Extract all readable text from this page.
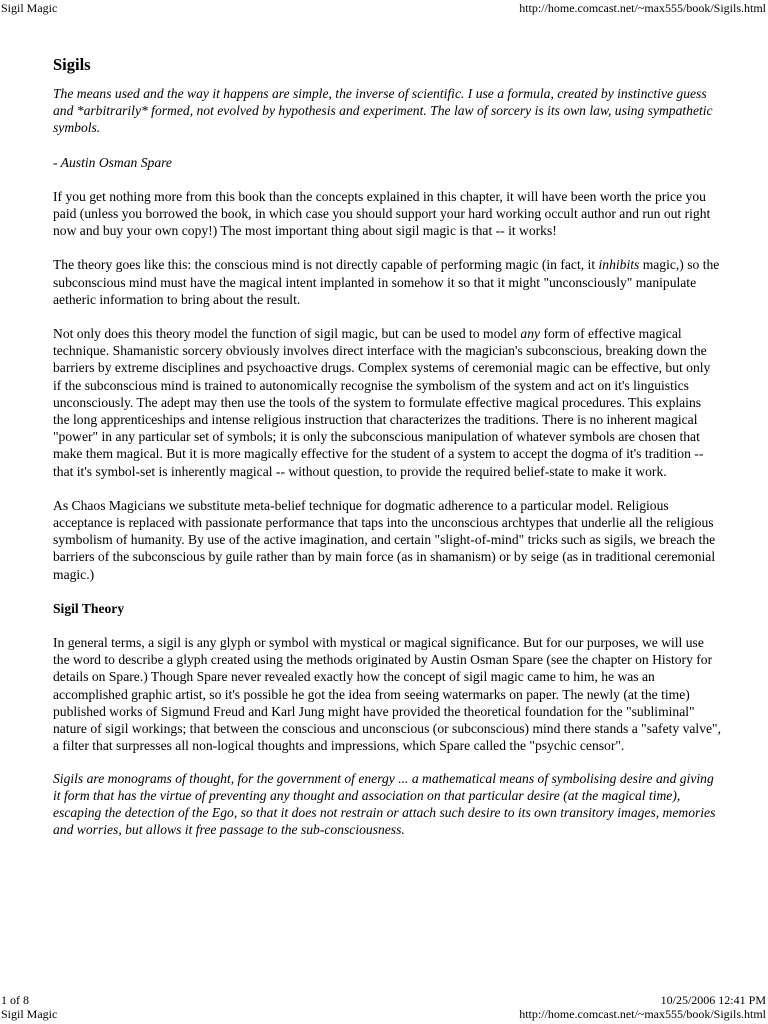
Sigil Magic	http://home.comcast.net/~max555/book/Sigils.html
Sigils

The means used and the way it happens are simple, the inverse of scientific. I use a formula, created by instinctive guess and *arbitrarily* formed, not evolved by hypothesis and experiment. The law of sorcery is its own law, using sympathetic symbols.

- Austin Osman Spare

If you get nothing more from this book than the concepts explained in this chapter, it will have been worth the price you paid (unless you borrowed the book, in which case you should support your hard working occult author and run out right now and buy your own copy!) The most important thing about sigil magic is that -- it works!

The theory goes like this: the conscious mind is not directly capable of performing magic (in fact, it inhibits magic,) so the subconscious mind must have the magical intent implanted in somehow it so that it might "unconsciously" manipulate aetheric information to bring about the result.

Not only does this theory model the function of sigil magic, but can be used to model any form of effective magical technique. Shamanistic sorcery obviously involves direct interface with the magician's subconscious, breaking down the barriers by extreme disciplines and psychoactive drugs. Complex systems of ceremonial magic can be effective, but only if the subconscious mind is trained to autonomically recognise the symbolism of the system and act on it's linguistics unconsciously. The adept may then use the tools of the system to formulate effective magical procedures. This explains the long apprenticeships and intense religious instruction that characterizes the traditions. There is no inherent magical "power" in any particular set of symbols; it is only the subconscious manipulation of whatever symbols are chosen that make them magical. But it is more magically effective for the student of a system to accept the dogma of it's tradition -- that it's symbol-set is inherently magical -- without question, to provide the required belief-state to make it work.

As Chaos Magicians we substitute meta-belief technique for dogmatic adherence to a particular model. Religious acceptance is replaced with passionate performance that taps into the unconscious archtypes that underlie all the religious symbolism of humanity. By use of the active imagination, and certain "slight-of-mind" tricks such as sigils, we breach the barriers of the subconscious by guile rather than by main force (as in shamanism) or by seige (as in traditional ceremonial magic.)

Sigil Theory

In general terms, a sigil is any glyph or symbol with mystical or magical significance. But for our purposes, we will use the word to describe a glyph created using the methods originated by Austin Osman Spare (see the chapter on History for details on Spare.) Though Spare never revealed exactly how the concept of sigil magic came to him, he was an accomplished graphic artist, so it's possible he got the idea from seeing watermarks on paper. The newly (at the time) published works of Sigmund Freud and Karl Jung might have provided the theoretical foundation for the "subliminal" nature of sigil workings; that between the conscious and unconscious (or subconscious) mind there stands a "safety valve", a filter that surpresses all non-logical thoughts and impressions, which Spare called the "psychic censor".

Sigils are monograms of thought, for the government of energy ... a mathematical means of symbolising desire and giving it form that has the virtue of preventing any thought and association on that particular desire (at the magical time), escaping the detection of the Ego, so that it does not restrain or attach such desire to its own transitory images, memories and worries, but allows it free passage to the sub-consciousness.

1 of 8
Sigil Magic
10/25/2006 12:41 PM
http://home.comcast.net/~max555/book/Sigils.html
